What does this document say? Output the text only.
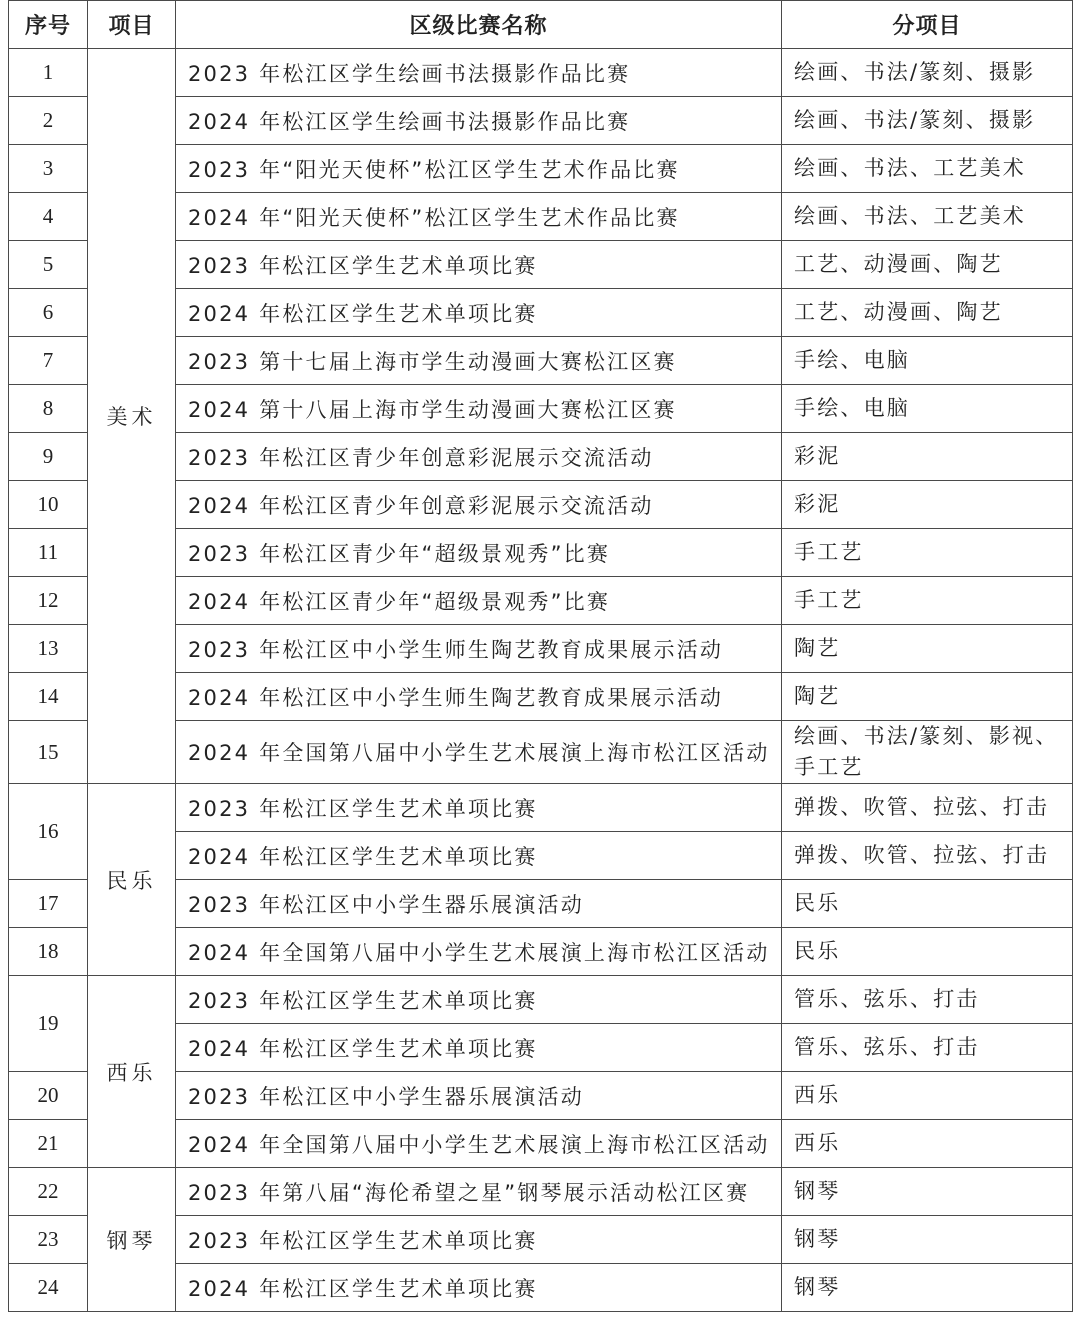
序号	项目	区级比赛名称	分项目
1	美术	2023 年松江区学生绘画书法摄影作品比赛	绘画、书法/篆刻、摄影
2		2024 年松江区学生绘画书法摄影作品比赛	绘画、书法/篆刻、摄影
3		2023 年“阳光天使杯”松江区学生艺术作品比赛	绘画、书法、工艺美术
4		2024 年“阳光天使杯”松江区学生艺术作品比赛	绘画、书法、工艺美术
5		2023 年松江区学生艺术单项比赛	工艺、动漫画、陶艺
6		2024 年松江区学生艺术单项比赛	工艺、动漫画、陶艺
7		2023 第十七届上海市学生动漫画大赛松江区赛	手绘、电脑
8		2024 第十八届上海市学生动漫画大赛松江区赛	手绘、电脑
9		2023 年松江区青少年创意彩泥展示交流活动	彩泥
10		2024 年松江区青少年创意彩泥展示交流活动	彩泥
11		2023 年松江区青少年“超级景观秀”比赛	手工艺
12		2024 年松江区青少年“超级景观秀”比赛	手工艺
13		2023 年松江区中小学生师生陶艺教育成果展示活动	陶艺
14		2024 年松江区中小学生师生陶艺教育成果展示活动	陶艺
15		2024 年全国第八届中小学生艺术展演上海市松江区活动	绘画、书法/篆刻、影视、手工艺
16	民乐	2023 年松江区学生艺术单项比赛	弹拨、吹管、拉弦、打击
		2024 年松江区学生艺术单项比赛	弹拨、吹管、拉弦、打击
17		2023 年松江区中小学生器乐展演活动	民乐
18		2024 年全国第八届中小学生艺术展演上海市松江区活动	民乐
19	西乐	2023 年松江区学生艺术单项比赛	管乐、弦乐、打击
		2024 年松江区学生艺术单项比赛	管乐、弦乐、打击
20		2023 年松江区中小学生器乐展演活动	西乐
21		2024 年全国第八届中小学生艺术展演上海市松江区活动	西乐
22	钢琴	2023 年第八届“海伦希望之星”钢琴展示活动松江区赛	钢琴
23		2023 年松江区学生艺术单项比赛	钢琴
24		2024 年松江区学生艺术单项比赛	钢琴
